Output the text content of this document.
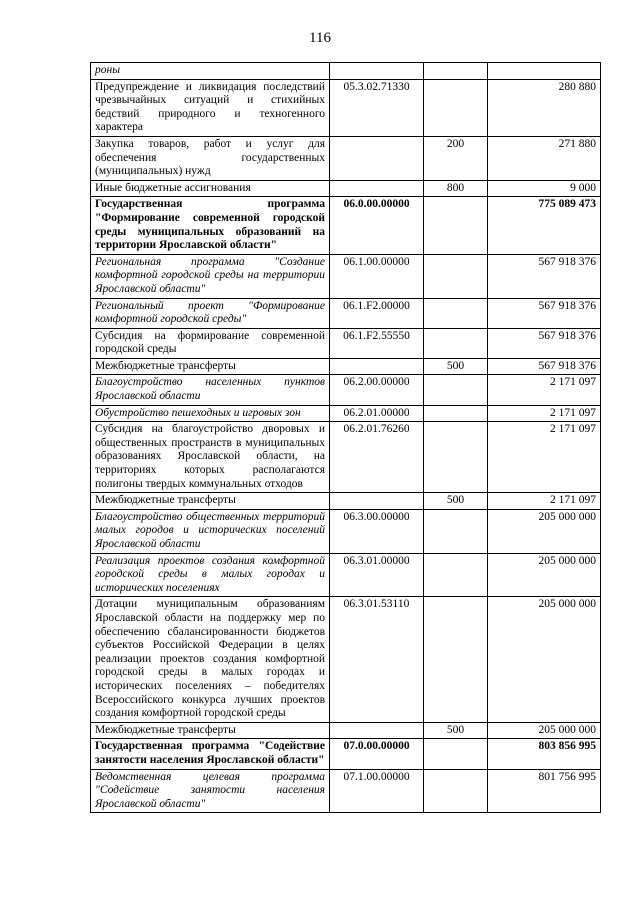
116
роны			
Предупреждение и ликвидация последствий чрезвычайных ситуаций и стихийных бедствий природного и техногенного характера	05.3.02.71330		280 880
Закупка товаров, работ и услуг для обеспечения государственных (муниципальных) нужд		200	271 880
Иные бюджетные ассигнования		800	9 000
Государственная программа "Формирование современной городской среды муниципальных образований на территории Ярославской области"	06.0.00.00000		775 089 473
Региональная программа "Создание комфортной городской среды на территории Ярославской области"	06.1.00.00000		567 918 376
Региональный проект "Формирование комфортной городской среды"	06.1.F2.00000		567 918 376
Субсидия на формирование современной городской среды	06.1.F2.55550		567 918 376
Межбюджетные трансферты		500	567 918 376
Благоустройство населенных пунктов Ярославской области	06.2.00.00000		2 171 097
Обустройство пешеходных и игровых зон	06.2.01.00000		2 171 097
Субсидия на благоустройство дворовых и общественных пространств в муниципальных образованиях Ярославской области, на территориях которых располагаются полигоны твердых коммунальных отходов	06.2.01.76260		2 171 097
Межбюджетные трансферты		500	2 171 097
Благоустройство общественных территорий малых городов и исторических поселений Ярославской области	06.3.00.00000		205 000 000
Реализация проектов создания комфортной городской среды в малых городах и исторических поселениях	06.3.01.00000		205 000 000
Дотации муниципальным образованиям Ярославской области на поддержку мер по обеспечению сбалансированности бюджетов субъектов Российской Федерации в целях реализации проектов создания комфортной городской среды в малых городах и исторических поселениях – победителях Всероссийского конкурса лучших проектов создания комфортной городской среды	06.3.01.53110		205 000 000
Межбюджетные трансферты		500	205 000 000
Государственная программа "Содействие занятости населения Ярославской области"	07.0.00.00000		803 856 995
Ведомственная целевая программа "Содействие занятости населения Ярославской области"	07.1.00.00000		801 756 995
